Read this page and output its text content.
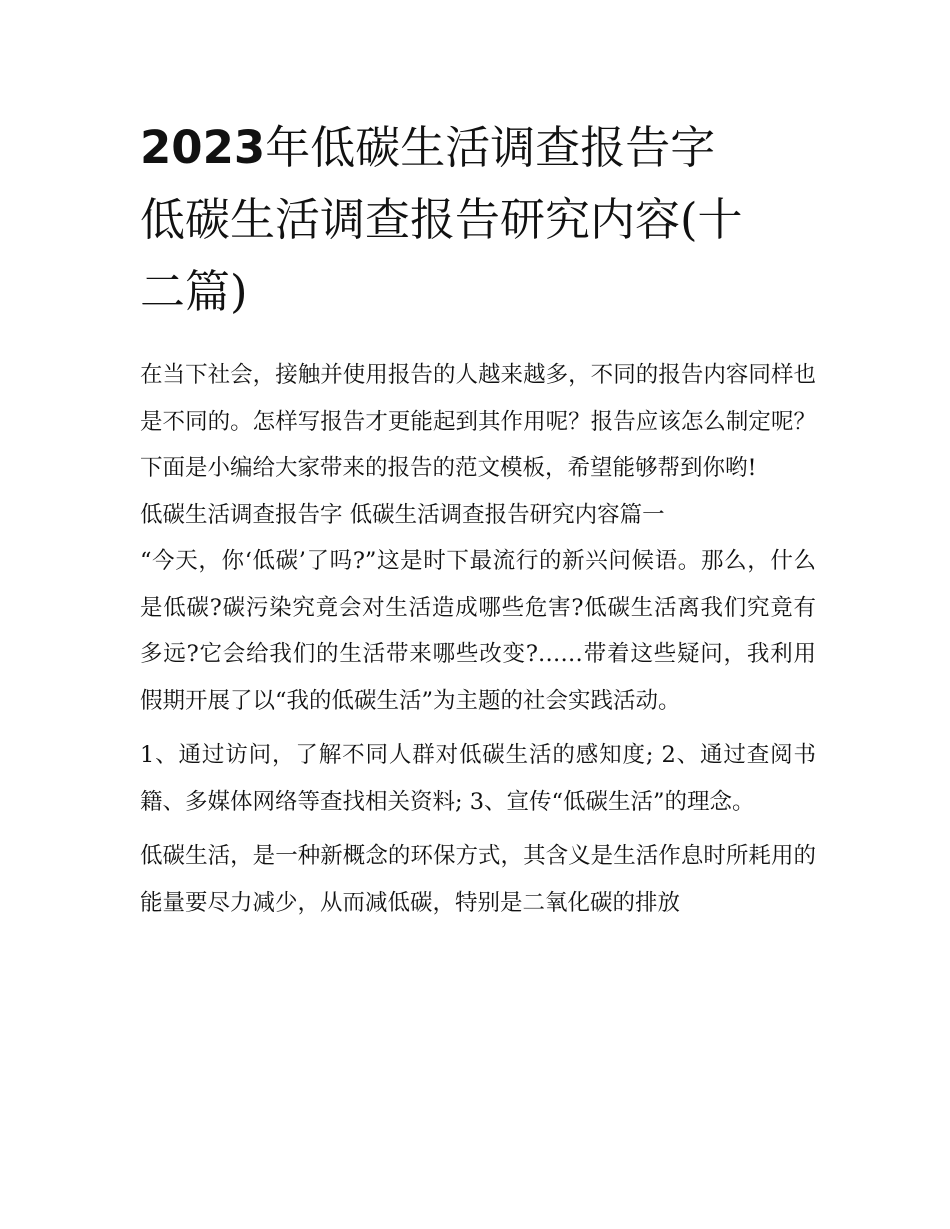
2023年低碳生活调查报告字
低碳生活调查报告研究内容(十
二篇)

在当下社会，接触并使用报告的人越来越多，不同的报告内容同样也是不同的。怎样写报告才更能起到其作用呢？报告应该怎么制定呢？下面是小编给大家带来的报告的范文模板，希望能够帮到你哟!

低碳生活调查报告字 低碳生活调查报告研究内容篇一

“今天，你‘低碳’了吗?”这是时下最流行的新兴问候语。那么，什么是低碳?碳污染究竟会对生活造成哪些危害?低碳生活离我们究竟有多远?它会给我们的生活带来哪些改变?……带着这些疑问，我利用假期开展了以“我的低碳生活”为主题的社会实践活动。

1、通过访问，了解不同人群对低碳生活的感知度; 2、通过查阅书籍、多媒体网络等查找相关资料; 3、宣传“低碳生活”的理念。

低碳生活，是一种新概念的环保方式，其含义是生活作息时所耗用的能量要尽力减少，从而减低碳，特别是二氧化碳的排放
